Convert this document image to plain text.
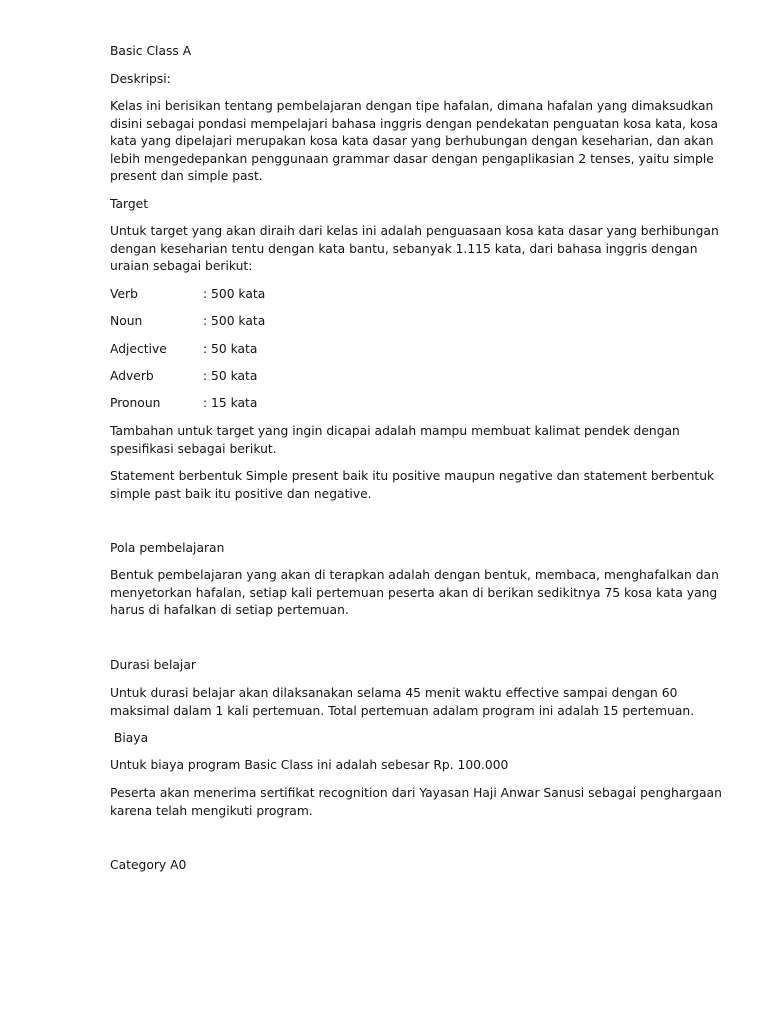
Basic Class A

Deskripsi:

Kelas ini berisikan tentang pembelajaran dengan tipe hafalan, dimana hafalan yang dimaksudkan disini sebagai pondasi mempelajari bahasa inggris dengan pendekatan penguatan kosa kata, kosa kata yang dipelajari merupakan kosa kata dasar yang berhubungan dengan keseharian, dan akan lebih mengedepankan penggunaan grammar dasar dengan pengaplikasian 2 tenses, yaitu simple present dan simple past.

Target

Untuk target yang akan diraih dari kelas ini adalah penguasaan kosa kata dasar yang berhibungan dengan keseharian tentu dengan kata bantu, sebanyak 1.115 kata, dari bahasa inggris dengan uraian sebagai berikut:

Verb	: 500 kata
Noun	: 500 kata
Adjective	: 50 kata
Adverb	: 50 kata
Pronoun	: 15 kata

Tambahan untuk target yang ingin dicapai adalah mampu membuat kalimat pendek dengan spesifikasi sebagai berikut.

Statement berbentuk Simple present baik itu positive maupun negative dan statement berbentuk simple past baik itu positive dan negative.

Pola pembelajaran

Bentuk pembelajaran yang akan di terapkan adalah dengan bentuk, membaca, menghafalkan dan menyetorkan hafalan, setiap kali pertemuan peserta akan di berikan sedikitnya 75 kosa kata yang harus di hafalkan di setiap pertemuan.

Durasi belajar

Untuk durasi belajar akan dilaksanakan selama 45 menit waktu effective sampai dengan 60 maksimal dalam 1 kali pertemuan. Total pertemuan adalam program ini adalah 15 pertemuan.

Biaya

Untuk biaya program Basic Class ini adalah sebesar Rp. 100.000

Peserta akan menerima sertifikat recognition dari Yayasan Haji Anwar Sanusi sebagai penghargaan karena telah mengikuti program.

Category A0
